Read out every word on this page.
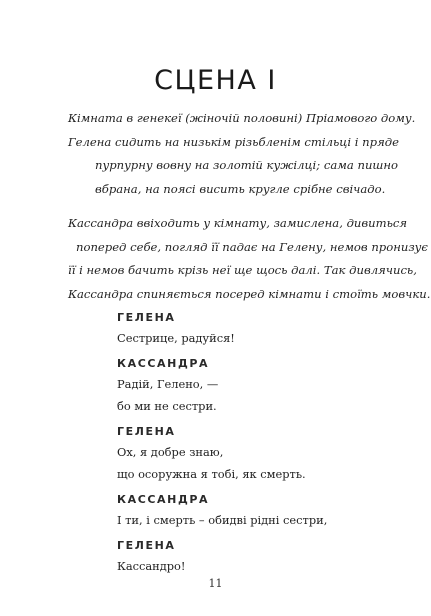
СЦЕНА І

Кімната в генекеї (жіночій половині) Пріамового дому.
Гелена сидить на низькім різьбленім стільці і пряде
пурпурну вовну на золотій кужілці; сама пишно
вбрана, на поясі висить кругле срібне свічадо.

Кассандра ввіходить у кімнату, замислена, дивиться
поперед себе, погляд її падає на Гелену, немов пронизує
її і немов бачить крізь неї ще щось далі. Так дивлячись,
Кассандра спиняється посеред кімнати і стоїть мовчки.

ГЕЛЕНА
Сестрице, радуйся!
КАССАНДРА
Радій, Гелено, —
бо ми не сестри.
ГЕЛЕНА
Ох, я добре знаю,
що осоружна я тобі, як смерть.
КАССАНДРА
І ти, і смерть – обидві рідні сестри,
ГЕЛЕНА
Кассандро!
11
